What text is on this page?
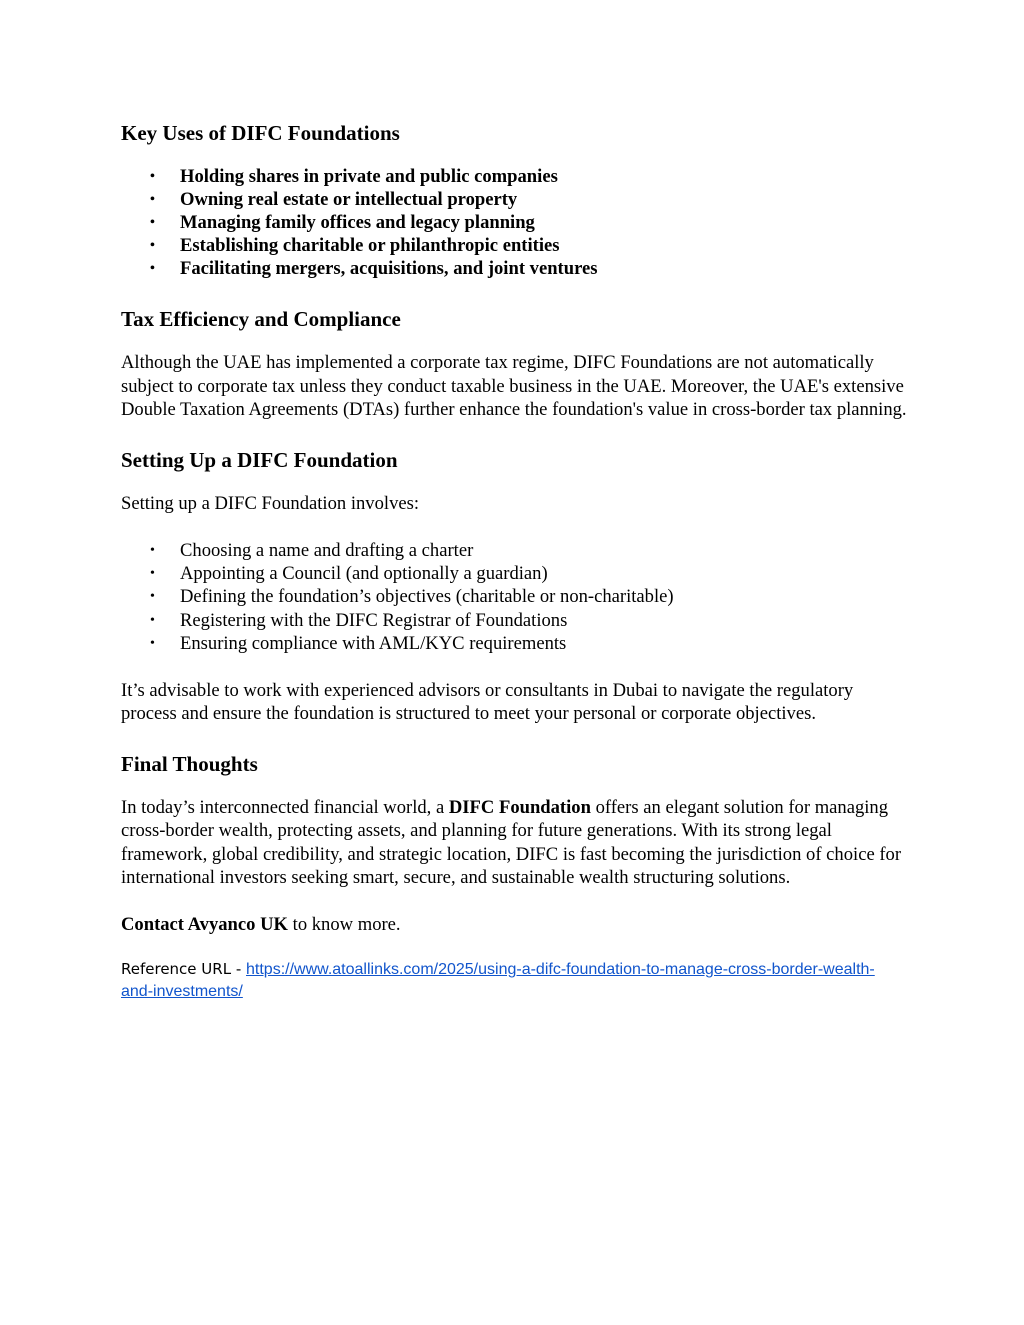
Key Uses of DIFC Foundations
• Holding shares in private and public companies
• Owning real estate or intellectual property
• Managing family offices and legacy planning
• Establishing charitable or philanthropic entities
• Facilitating mergers, acquisitions, and joint ventures
Tax Efficiency and Compliance

Although the UAE has implemented a corporate tax regime, DIFC Foundations are not automatically subject to corporate tax unless they conduct taxable business in the UAE. Moreover, the UAE's extensive Double Taxation Agreements (DTAs) further enhance the foundation's value in cross-border tax planning.

Setting Up a DIFC Foundation

Setting up a DIFC Foundation involves:

• Choosing a name and drafting a charter
• Appointing a Council (and optionally a guardian)
• Defining the foundation’s objectives (charitable or non-charitable)
• Registering with the DIFC Registrar of Foundations
• Ensuring compliance with AML/KYC requirements

It’s advisable to work with experienced advisors or consultants in Dubai to navigate the regulatory process and ensure the foundation is structured to meet your personal or corporate objectives.

Final Thoughts

In today’s interconnected financial world, a DIFC Foundation offers an elegant solution for managing cross-border wealth, protecting assets, and planning for future generations. With its strong legal framework, global credibility, and strategic location, DIFC is fast becoming the jurisdiction of choice for international investors seeking smart, secure, and sustainable wealth structuring solutions.

Contact Avyanco UK to know more.

Reference URL - https://www.atoallinks.com/2025/using-a-difc-foundation-to-manage-cross-border-wealth-
and-investments/
